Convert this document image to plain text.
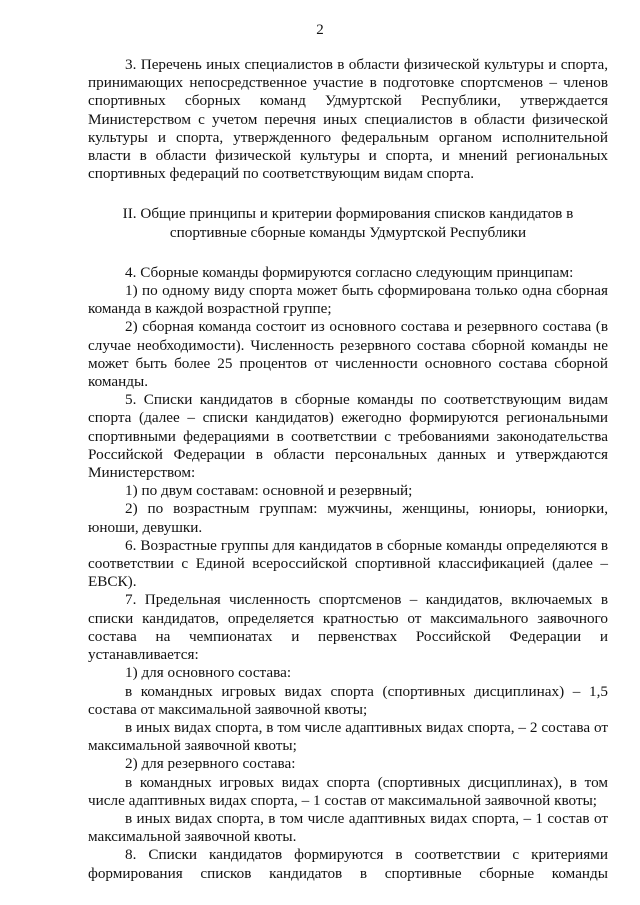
2

3. Перечень иных специалистов в области физической культуры и спорта, принимающих непосредственное участие в подготовке спортсменов – членов спортивных сборных команд Удмуртской Республики, утверждается Министерством с учетом перечня иных специалистов в области физической культуры и спорта, утвержденного федеральным органом исполнительной власти в области физической культуры и спорта, и мнений региональных спортивных федераций по соответствующим видам спорта.

II. Общие принципы и критерии формирования списков кандидатов в
спортивные сборные команды Удмуртской Республики

4. Сборные команды формируются согласно следующим принципам:

1) по одному виду спорта может быть сформирована только одна сборная команда в каждой возрастной группе;

2) сборная команда состоит из основного состава и резервного состава (в случае необходимости). Численность резервного состава сборной команды не может быть более 25 процентов от численности основного состава сборной команды.

5. Списки кандидатов в сборные команды по соответствующим видам спорта (далее – списки кандидатов) ежегодно формируются региональными спортивными федерациями в соответствии с требованиями законодательства Российской Федерации в области персональных данных и утверждаются Министерством:

1) по двум составам: основной и резервный;

2) по возрастным группам: мужчины, женщины, юниоры, юниорки, юноши, девушки.

6. Возрастные группы для кандидатов в сборные команды определяются в соответствии с Единой всероссийской спортивной классификацией (далее – ЕВСК).

7. Предельная численность спортсменов – кандидатов, включаемых в списки кандидатов, определяется кратностью от максимального заявочного состава на чемпионатах и первенствах Российской Федерации и устанавливается:

1) для основного состава:

в командных игровых видах спорта (спортивных дисциплинах) – 1,5 состава от максимальной заявочной квоты;

в иных видах спорта, в том числе адаптивных видах спорта, – 2 состава от максимальной заявочной квоты;

2) для резервного состава:

в командных игровых видах спорта (спортивных дисциплинах), в том числе адаптивных видах спорта, – 1 состав от максимальной заявочной квоты;

в иных видах спорта, в том числе адаптивных видах спорта, – 1 состав от максимальной заявочной квоты.

8. Списки кандидатов формируются в соответствии с критериями формирования списков кандидатов в спортивные сборные команды
